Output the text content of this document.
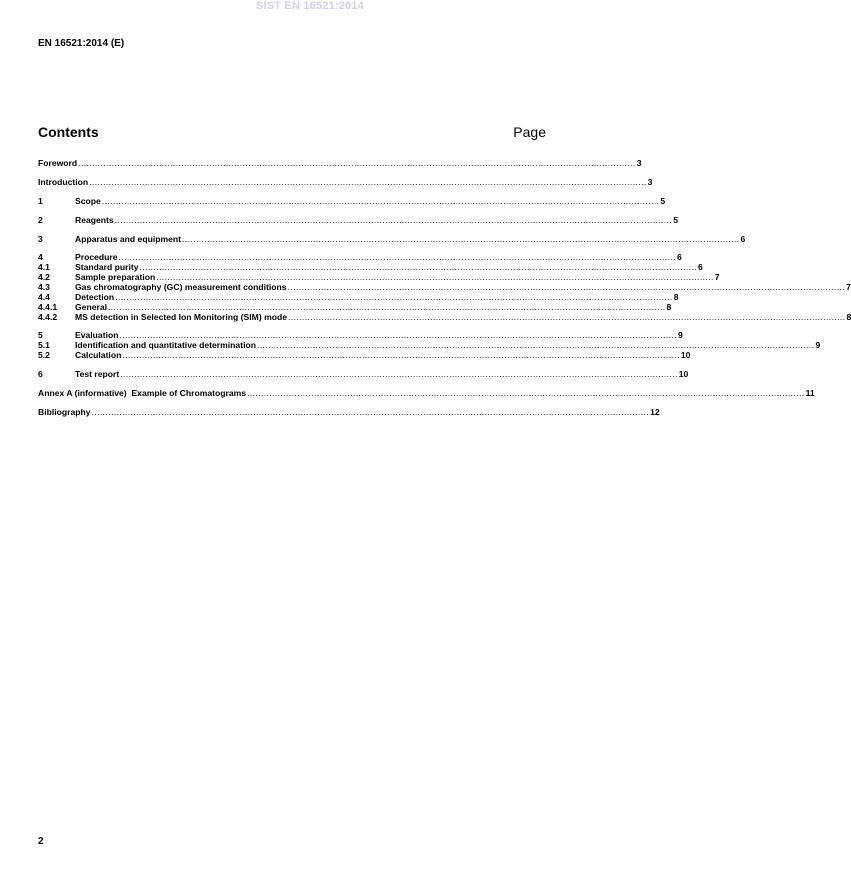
SIST EN 16521:2014
EN 16521:2014 (E)
Contents	Page
Foreword ........................................................................................................................................................................................................ 3
Introduction ........................................................................................................................................................................................................ 3
1	Scope ........................................................................................................................................................................................................ 5
2	Reagents ........................................................................................................................................................................................................ 5
3	Apparatus and equipment ........................................................................................................................................................................................................ 6
4	Procedure ........................................................................................................................................................................................................ 6
4.1	Standard purity ........................................................................................................................................................................................................ 6
4.2	Sample preparation ........................................................................................................................................................................................................ 7
4.3	Gas chromatography (GC) measurement conditions ........................................................................................................................................................................................................ 7
4.4	Detection ........................................................................................................................................................................................................ 8
4.4.1	General ........................................................................................................................................................................................................ 8
4.4.2	MS detection in Selected Ion Monitoring (SIM) mode ........................................................................................................................................................................................................ 8
5	Evaluation ........................................................................................................................................................................................................ 9
5.1	Identification and quantitative determination ........................................................................................................................................................................................................ 9
5.2	Calculation ........................................................................................................................................................................................................ 10
6	Test report ........................................................................................................................................................................................................ 10
Annex A (informative)  Example of Chromatograms ........................................................................................................................................................................................................ 11
Bibliography ........................................................................................................................................................................................................ 12
2
